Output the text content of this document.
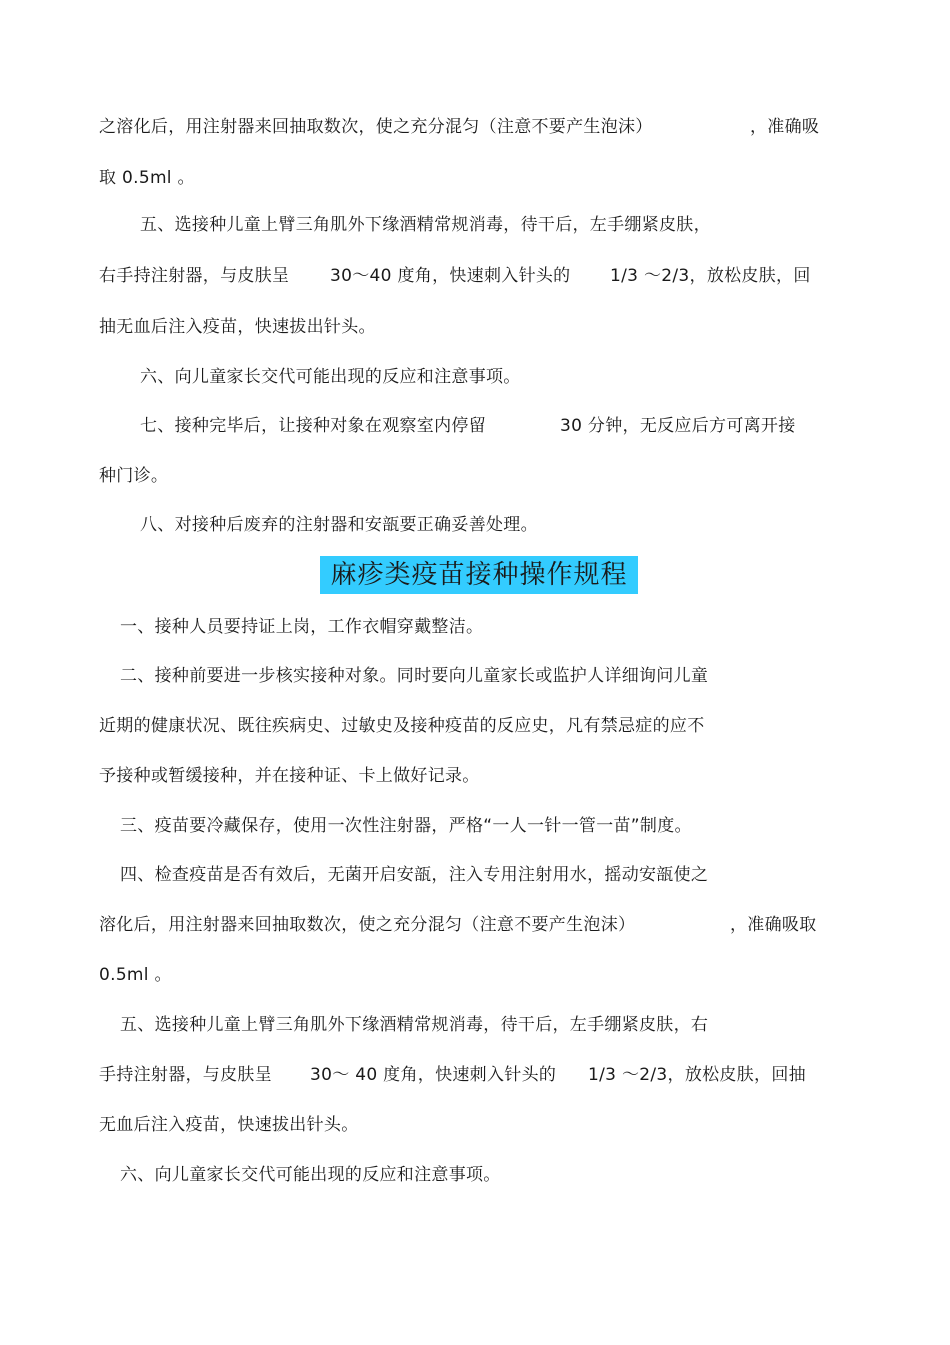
之溶化后，用注射器来回抽取数次，使之充分混匀（注意不要产生泡沫）	，准确吸
取 0.5ml 。
五、选接种儿童上臂三角肌外下缘酒精常规消毒，待干后，左手绷紧皮肤，
右手持注射器，与皮肤呈 30～40 度角，快速刺入针头的 1/3 ～2/3，放松皮肤，回
抽无血后注入疫苗，快速拔出针头。
六、向儿童家长交代可能出现的反应和注意事项。
七、接种完毕后，让接种对象在观察室内停留	30 分钟，无反应后方可离开接
种门诊。
八、对接种后废弃的注射器和安瓿要正确妥善处理。
麻疹类疫苗接种操作规程
一、接种人员要持证上岗，工作衣帽穿戴整洁。
二、接种前要进一步核实接种对象。同时要向儿童家长或监护人详细询问儿童
近期的健康状况、既往疾病史、过敏史及接种疫苗的反应史，凡有禁忌症的应不
予接种或暂缓接种，并在接种证、卡上做好记录。
三、疫苗要冷藏保存，使用一次性注射器，严格“一人一针一管一苗”制度。
四、检查疫苗是否有效后，无菌开启安瓿，注入专用注射用水，摇动安瓿使之
溶化后，用注射器来回抽取数次，使之充分混匀（注意不要产生泡沫）	，准确吸取
0.5ml 。
五、选接种儿童上臂三角肌外下缘酒精常规消毒，待干后，左手绷紧皮肤，右
手持注射器，与皮肤呈 30～ 40 度角，快速刺入针头的 1/3 ～2/3，放松皮肤，回抽
无血后注入疫苗，快速拔出针头。
六、向儿童家长交代可能出现的反应和注意事项。
